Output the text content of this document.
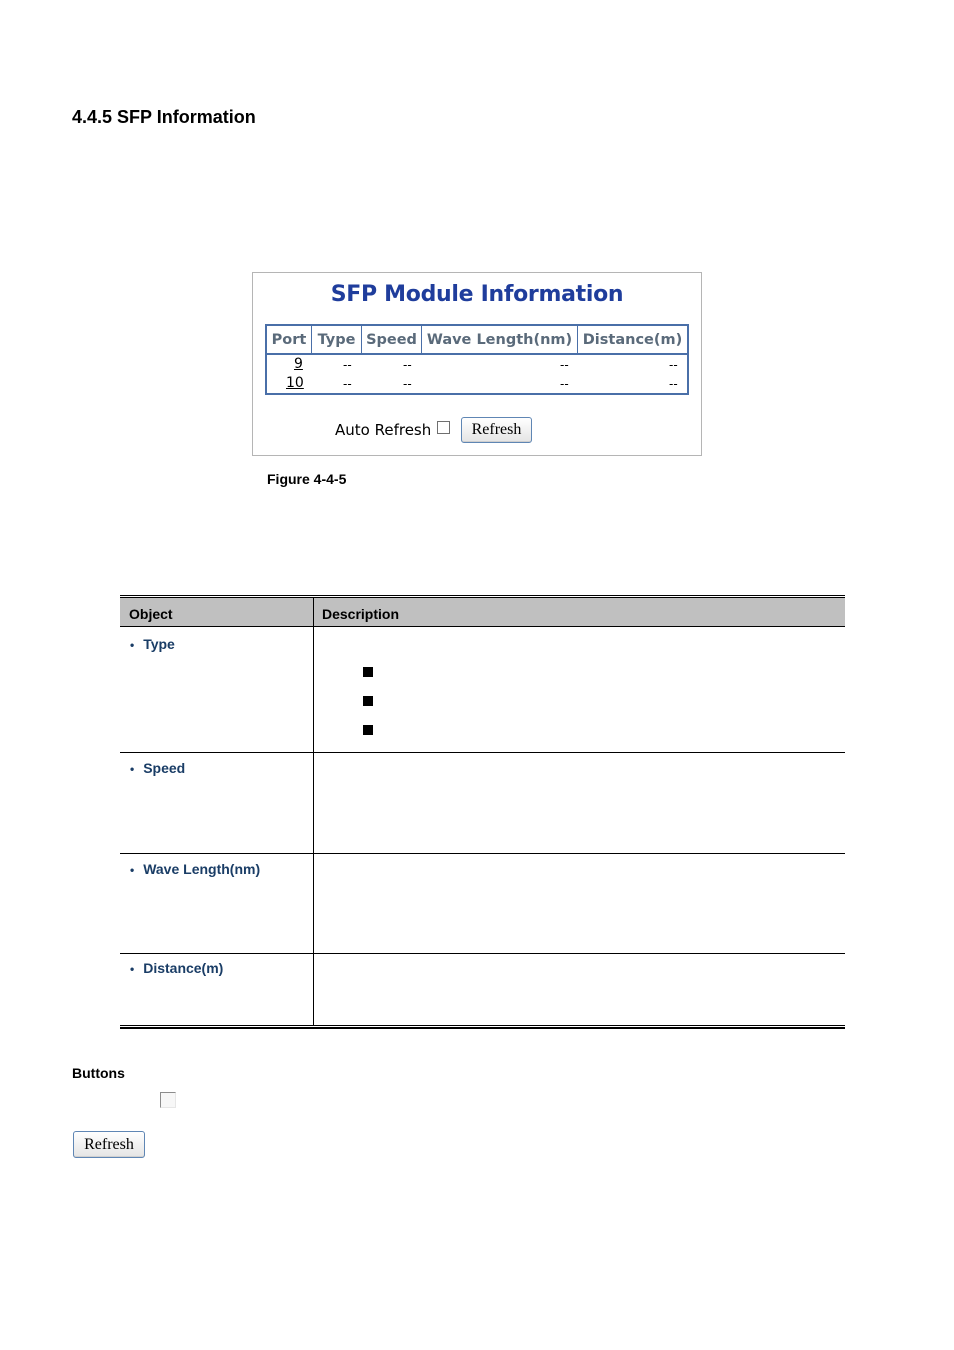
4.4.5 SFP Information
SFP Module Information
Port Type Speed Wave Length(nm) Distance(m)
9	--	--	--	--
10	--	--	--	--
Auto Refresh	Refresh
Figure 4-4-5
Object	Description
• Type
• Speed
• Wave Length(nm)
• Distance(m)
Buttons
Refresh
